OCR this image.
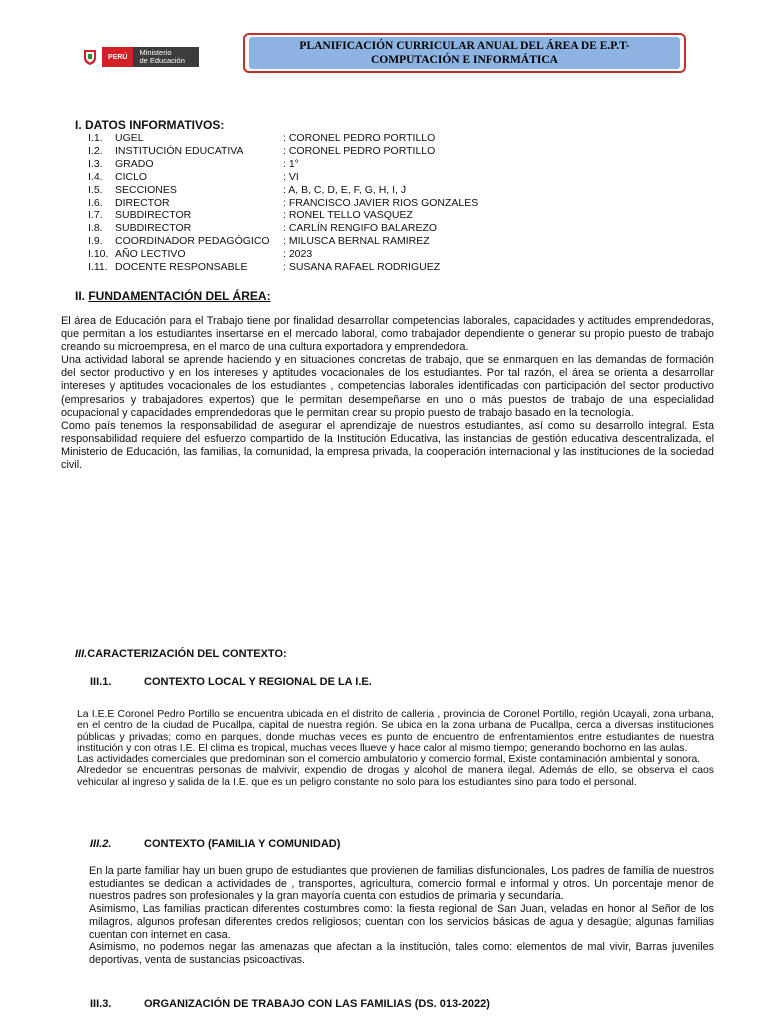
PERÚ	Ministerio
de Educación
PLANIFICACIÓN CURRICULAR ANUAL DEL ÁREA DE E.P.T-
COMPUTACIÓN E INFORMÁTICA
I. DATOS INFORMATIVOS:
I.1.	UGEL	: CORONEL PEDRO PORTILLO
I.2.	INSTITUCIÓN EDUCATIVA	: CORONEL PEDRO PORTILLO
I.3.	GRADO	: 1°
I.4.	CICLO	: VI
I.5.	SECCIONES	: A, B, C, D, E, F, G, H, I, J
I.6.	DIRECTOR	: FRANCISCO JAVIER RIOS GONZALES
I.7.	SUBDIRECTOR	: RONEL TELLO VASQUEZ
I.8.	SUBDIRECTOR	: CARLÍN RENGIFO BALAREZO
I.9.	COORDINADOR PEDAGÓGICO	: MILUSCA BERNAL RAMIREZ
I.10. AÑO LECTIVO	: 2023
I.11. DOCENTE RESPONSABLE	: SUSANA RAFAEL RODRIGUEZ
II. FUNDAMENTACIÓN DEL ÁREA:

El área de Educación para el Trabajo tiene por finalidad desarrollar competencias laborales, capacidades y actitudes emprendedoras, que permitan a los estudiantes insertarse en el mercado laboral, como trabajador dependiente o generar su propio puesto de trabajo creando su microempresa, en el marco de una cultura exportadora y emprendedora.

Una actividad laboral se aprende haciendo y en situaciones concretas de trabajo, que se enmarquen en las demandas de formación del sector productivo y en los intereses y aptitudes vocacionales de los estudiantes. Por tal razón, el área se orienta a desarrollar intereses y aptitudes vocacionales de los estudiantes , competencias laborales identificadas con participación del sector productivo (empresarios y trabajadores expertos) que le permitan desempeñarse en uno o más puestos de trabajo de una especialidad ocupacional y capacidades emprendedoras que le permitan crear su propio puesto de trabajo basado en la tecnología.

Como país tenemos la responsabilidad de asegurar el aprendizaje de nuestros estudiantes, así como su desarrollo integral. Esta responsabilidad requiere del esfuerzo compartido de la Institución Educativa, las instancias de gestión educativa descentralizada, el Ministerio de Educación, las familias, la comunidad, la empresa privada, la cooperación internacional y las instituciones de la sociedad civil.

III.CARACTERIZACIÓN DEL CONTEXTO:
III.1.	CONTEXTO LOCAL Y REGIONAL DE LA I.E.

La I.E.E Coronel Pedro Portillo se encuentra ubicada en el distrito de calleria , provincia de Coronel Portillo, región Ucayali, zona urbana, en el centro de la ciudad de Pucallpa, capital de nuestra región. Se ubica en la zona urbana de Pucallpa, cerca a diversas instituciones públicas y privadas; como en parques, donde muchas veces es punto de encuentro de enfrentamientos entre estudiantes de nuestra institución y con otras I.E. El clima es tropical, muchas veces llueve y hace calor al mismo tiempo; generando bochorno en las aulas.

Las actividades comerciales que predominan son el comercio ambulatorio y comercio formal, Existe contaminación ambiental y sonora.

Alrededor se encuentras personas de malvivir, expendio de drogas y alcohol de manera ilegal. Además de ello, se observa el caos vehicular al ingreso y salida de la I.E. que es un peligro constante no solo para los estudiantes sino para todo el personal.

III.2.	CONTEXTO (FAMILIA Y COMUNIDAD)

En la parte familiar hay un buen grupo de estudiantes que provienen de familias disfuncionales, Los padres de familia de nuestros estudiantes se dedican a actividades de , transportes, agricultura, comercio formal e informal y otros. Un porcentaje menor de nuestros padres son profesionales y la gran mayoría cuenta con estudios de primaria y secundaria.

Asimismo, Las familias practican diferentes costumbres como: la fiesta regional de San Juan, veladas en honor al Señor de los milagros, algunos profesan diferentes credos religiosos; cuentan con los servicios básicas de agua y desagüe; algunas familias cuentan con internet en casa.

Asimismo, no podemos negar las amenazas que afectan a la institución, tales como: elementos de mal vivir, Barras juveniles deportivas, venta de sustancias psicoactivas.

III.3.	ORGANIZACIÓN DE TRABAJO CON LAS FAMILIAS (DS. 013-2022)
